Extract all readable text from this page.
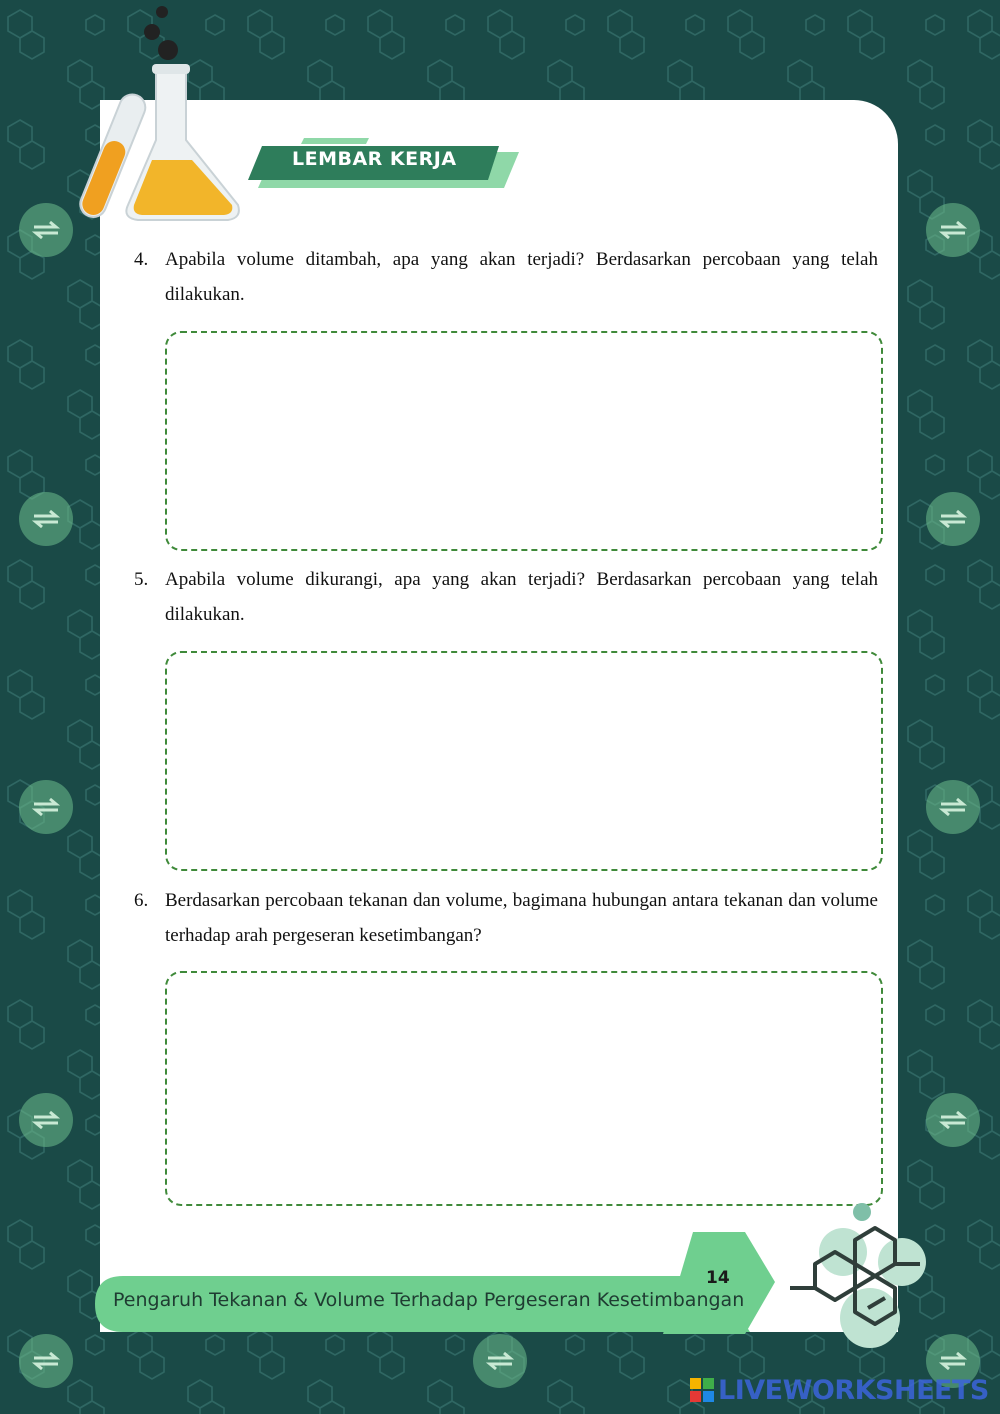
LEMBAR KERJA
4. Apabila volume ditambah, apa yang akan terjadi? Berdasarkan percobaan yang telah dilakukan.
5. Apabila volume dikurangi, apa yang akan terjadi? Berdasarkan percobaan yang telah dilakukan.
6. Berdasarkan percobaan tekanan dan volume, bagimana hubungan antara tekanan dan volume terhadap arah pergeseran kesetimbangan?
14
Pengaruh Tekanan & Volume Terhadap Pergeseran Kesetimbangan
LIVEWORKSHEETS
